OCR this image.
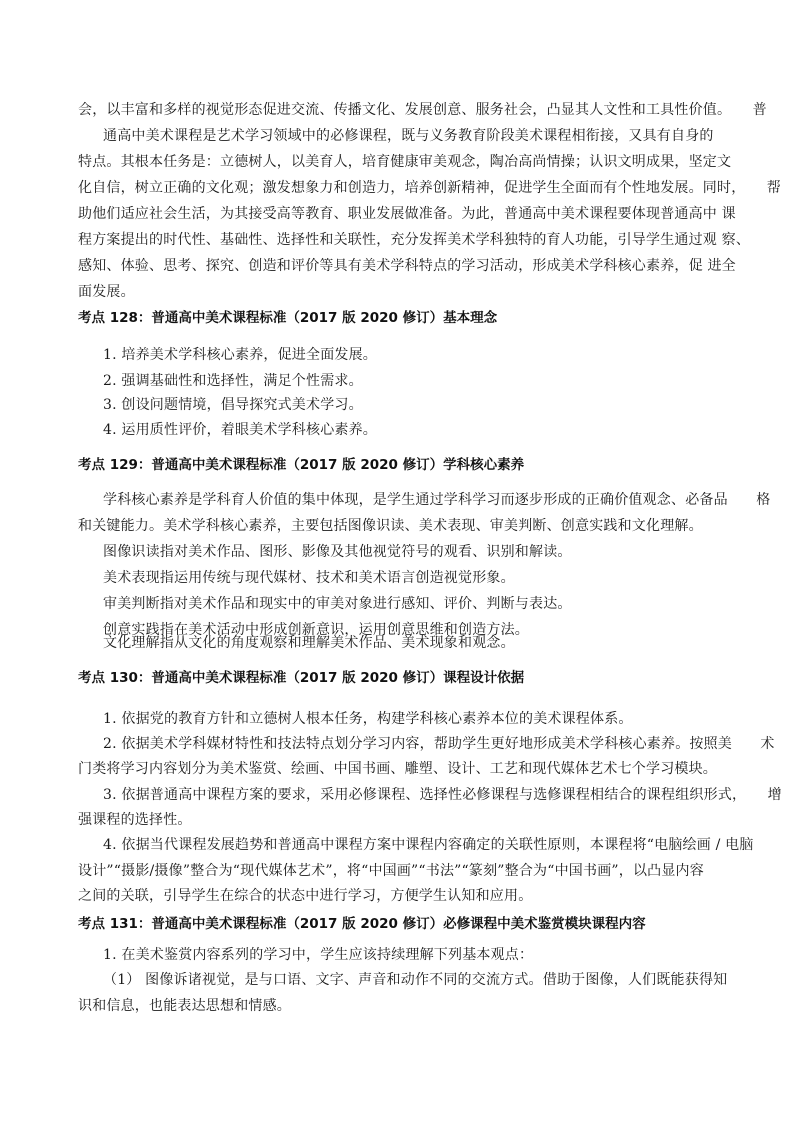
会，以丰富和多样的视觉形态促进交流、传播文化、发展创意、服务社会，凸显其人文性和工具性价值。　　普
通高中美术课程是艺术学习领域中的必修课程，既与义务教育阶段美术课程相衔接，又具有自身的
特点。其根本任务是：立德树人，以美育人，培育健康审美观念，陶冶高尚情操；认识文明成果，坚定文
化自信，树立正确的文化观；激发想象力和创造力，培养创新精神，促进学生全面而有个性地发展。同时，　　帮
助他们适应社会生活，为其接受高等教育、职业发展做准备。为此，普通高中美术课程要体现普通高中 课
程方案提出的时代性、基础性、选择性和关联性，充分发挥美术学科独特的育人功能，引导学生通过观 察、
感知、体验、思考、探究、创造和评价等具有美术学科特点的学习活动，形成美术学科核心素养，促 进全
面发展。
考点 128：普通高中美术课程标准（2017 版 2020 修订）基本理念
1. 培养美术学科核心素养，促进全面发展。
2. 强调基础性和选择性，满足个性需求。
3. 创设问题情境，倡导探究式美术学习。
4. 运用质性评价，着眼美术学科核心素养。
考点 129：普通高中美术课程标准（2017 版 2020 修订）学科核心素养
学科核心素养是学科育人价值的集中体现，是学生通过学科学习而逐步形成的正确价值观念、必备品　　格
和关键能力。美术学科核心素养，主要包括图像识读、美术表现、审美判断、创意实践和文化理解。
图像识读指对美术作品、图形、影像及其他视觉符号的观看、识别和解读。
美术表现指运用传统与现代媒材、技术和美术语言创造视觉形象。
审美判断指对美术作品和现实中的审美对象进行感知、评价、判断与表达。
创意实践指在美术活动中形成创新意识，运用创意思维和创造方法。
文化理解指从文化的角度观察和理解美术作品、美术现象和观念。
考点 130：普通高中美术课程标准（2017 版 2020 修订）课程设计依据
1. 依据党的教育方针和立德树人根本任务，构建学科核心素养本位的美术课程体系。
2. 依据美术学科媒材特性和技法特点划分学习内容，帮助学生更好地形成美术学科核心素养。按照美　　术
门类将学习内容划分为美术鉴赏、绘画、中国书画、雕塑、设计、工艺和现代媒体艺术七个学习模块。
3. 依据普通高中课程方案的要求，采用必修课程、选择性必修课程与选修课程相结合的课程组织形式，　　增
强课程的选择性。
4. 依据当代课程发展趋势和普通高中课程方案中课程内容确定的关联性原则，本课程将“电脑绘画 / 电脑
设计”“摄影/摄像”整合为“现代媒体艺术”，将“中国画”“书法”“篆刻”整合为“中国书画”，以凸显内容
之间的关联，引导学生在综合的状态中进行学习，方便学生认知和应用。
考点 131：普通高中美术课程标准（2017 版 2020 修订）必修课程中美术鉴赏模块课程内容
1. 在美术鉴赏内容系列的学习中，学生应该持续理解下列基本观点：
（1） 图像诉诸视觉，是与口语、文字、声音和动作不同的交流方式。借助于图像，人们既能获得知
识和信息，也能表达思想和情感。
